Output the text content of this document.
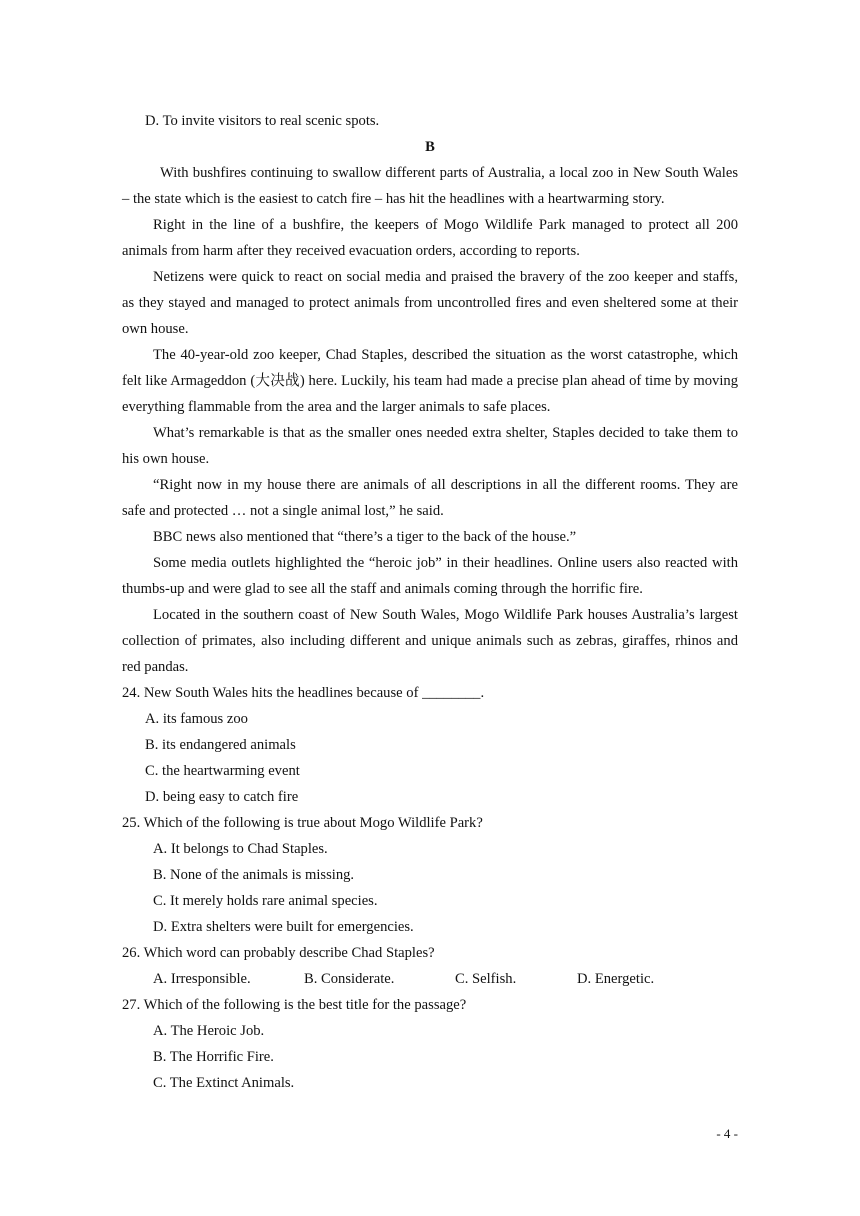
D. To invite visitors to real scenic spots.
B

With bushfires continuing to swallow different parts of Australia, a local zoo in New South Wales – the state which is the easiest to catch fire – has hit the headlines with a heartwarming story.

Right in the line of a bushfire, the keepers of Mogo Wildlife Park managed to protect all 200 animals from harm after they received evacuation orders, according to reports.

Netizens were quick to react on social media and praised the bravery of the zoo keeper and staffs, as they stayed and managed to protect animals from uncontrolled fires and even sheltered some at their own house.

The 40-year-old zoo keeper, Chad Staples, described the situation as the worst catastrophe, which felt like Armageddon (大决战) here. Luckily, his team had made a precise plan ahead of time by moving everything flammable from the area and the larger animals to safe places.

What’s remarkable is that as the smaller ones needed extra shelter, Staples decided to take them to his own house.

“Right now in my house there are animals of all descriptions in all the different rooms. They are safe and protected … not a single animal lost,” he said.

BBC news also mentioned that “there’s a tiger to the back of the house.”

Some media outlets highlighted the “heroic job” in their headlines. Online users also reacted with thumbs-up and were glad to see all the staff and animals coming through the horrific fire.

Located in the southern coast of New South Wales, Mogo Wildlife Park houses Australia’s largest collection of primates, also including different and unique animals such as zebras, giraffes, rhinos and red pandas.

24. New South Wales hits the headlines because of ________.
A. its famous zoo
B. its endangered animals
C. the heartwarming event
D. being easy to catch fire
25. Which of the following is true about Mogo Wildlife Park?
A. It belongs to Chad Staples.
B. None of the animals is missing.
C. It merely holds rare animal species.
D. Extra shelters were built for emergencies.
26. Which word can probably describe Chad Staples?
A. Irresponsible.	B. Considerate.	C. Selfish.	D. Energetic.
27. Which of the following is the best title for the passage?
A. The Heroic Job.
B. The Horrific Fire.
C. The Extinct Animals.
- 4 -
